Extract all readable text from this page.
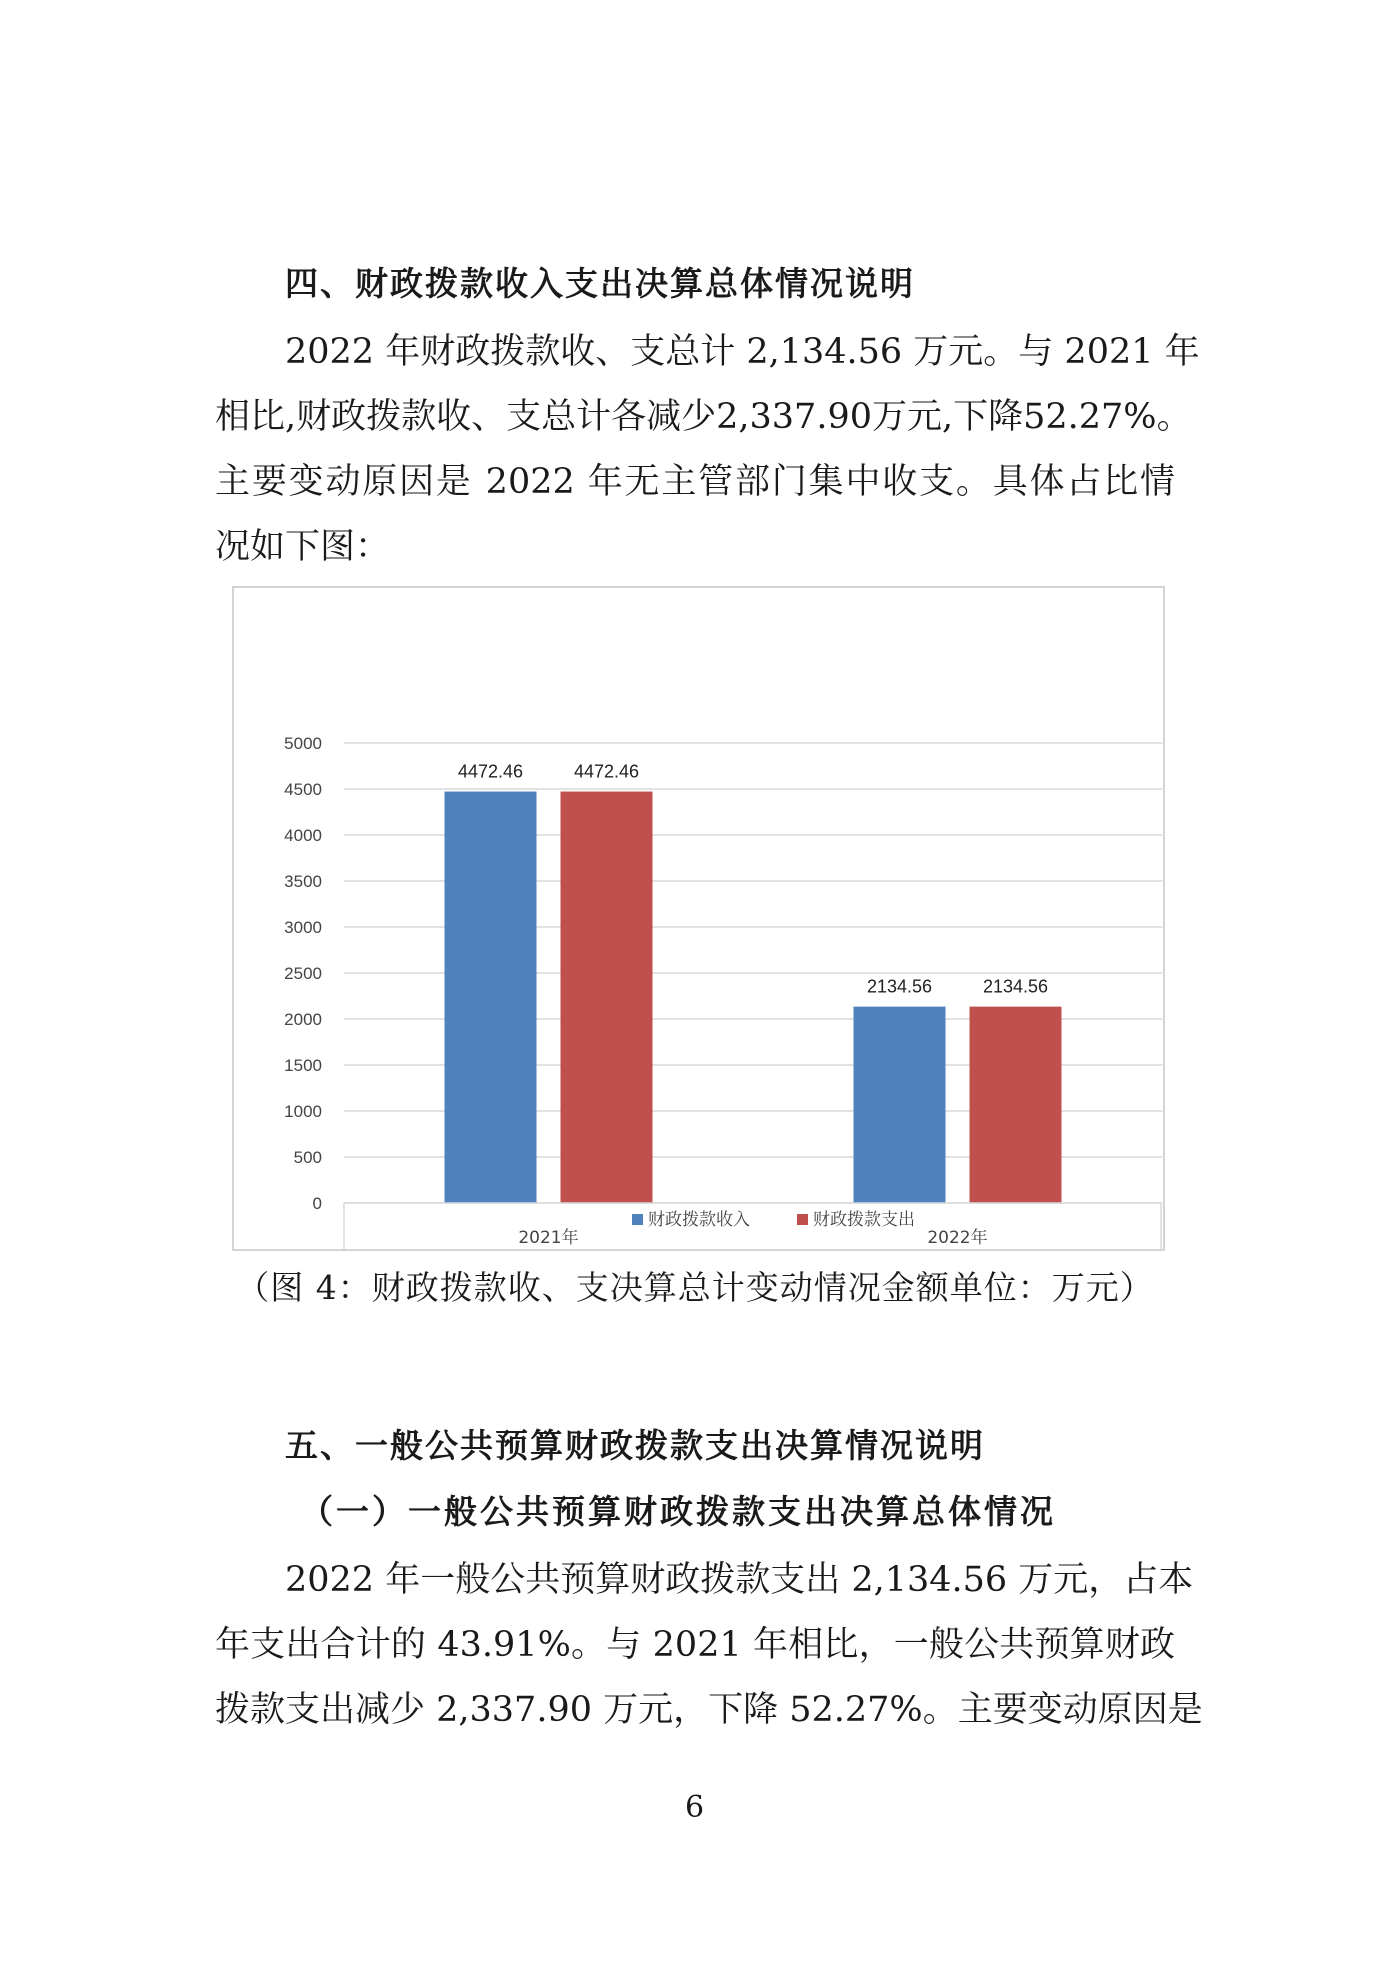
四、财政拨款收入支出决算总体情况说明
2022 年财政拨款收、支总计 2,134.56 万元。与 2021 年
相比,财政拨款收、支总计各减少2,337.90万元,下降52.27%。
主要变动原因是 2022 年无主管部门集中收支。具体占比情
况如下图：
0
500
1000
1500
2000
2500
3000
3500
4000
4500
5000
4472.46	4472.46
2021年
2134.56	2134.56
2022年
财政拨款收入	财政拨款支出
（图 4：财政拨款收、支决算总计变动情况金额单位：万元）
五、一般公共预算财政拨款支出决算情况说明
（一）一般公共预算财政拨款支出决算总体情况
2022 年一般公共预算财政拨款支出 2,134.56 万元，占本
年支出合计的 43.91%。与 2021 年相比，一般公共预算财政
拨款支出减少 2,337.90 万元，下降 52.27%。主要变动原因是
6
